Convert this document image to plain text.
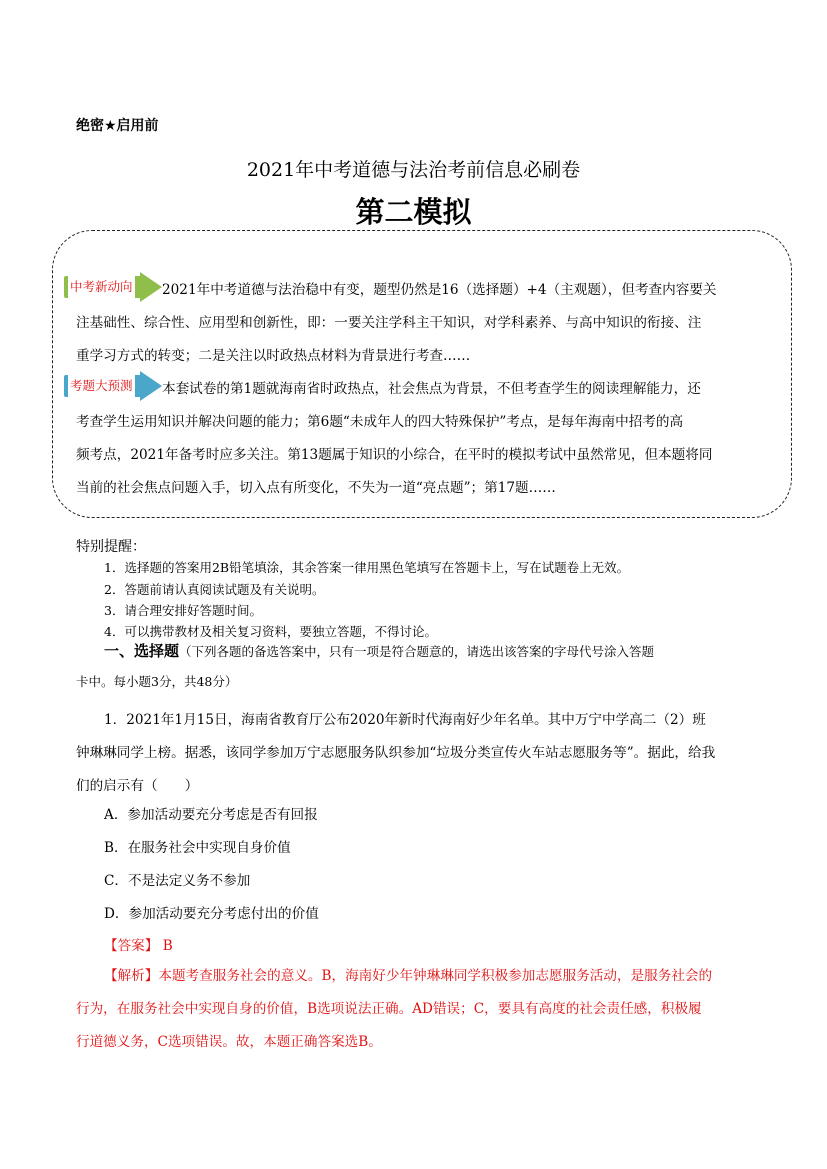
绝密★启用前
2021年中考道德与法治考前信息必刷卷
第二模拟
中考新动向
考题大预测
2021年中考道德与法治稳中有变，题型仍然是16（选择题）+4（主观题），但考查内容要关
注基础性、综合性、应用型和创新性，即：一要关注学科主干知识，对学科素养、与高中知识的衔接、注
重学习方式的转变；二是关注以时政热点材料为背景进行考查……
本套试卷的第1题就海南省时政热点，社会焦点为背景，不但考查学生的阅读理解能力，还
考查学生运用知识并解决问题的能力；第6题“未成年人的四大特殊保护”考点，是每年海南中招考的高
频考点，2021年备考时应多关注。第13题属于知识的小综合，在平时的模拟考试中虽然常见，但本题将同
当前的社会焦点问题入手，切入点有所变化，不失为一道“亮点题”；第17题……
特别提醒：
1．选择题的答案用2B铅笔填涂，其余答案一律用黑色笔填写在答题卡上，写在试题卷上无效。
2．答题前请认真阅读试题及有关说明。
3．请合理安排好答题时间。
4．可以携带教材及相关复习资料，要独立答题，不得讨论。
一、选择题（下列各题的备选答案中，只有一项是符合题意的，请选出该答案的字母代号涂入答题
卡中。每小题3分，共48分）
1．2021年1月15日，海南省教育厅公布2020年新时代海南好少年名单。其中万宁中学高二（2）班
钟琳琳同学上榜。据悉，该同学参加万宁志愿服务队织参加“垃圾分类宣传火车站志愿服务等”。据此，给我
们的启示有（　　）
A．参加活动要充分考虑是否有回报
B．在服务社会中实现自身价值
C．不是法定义务不参加
D．参加活动要充分考虑付出的价值
【答案】 B
【解析】本题考查服务社会的意义。B，海南好少年钟琳琳同学积极参加志愿服务活动，是服务社会的
行为，在服务社会中实现自身的价值，B选项说法正确。AD错误；C，要具有高度的社会责任感，积极履
行道德义务，C选项错误。故，本题正确答案选B。
